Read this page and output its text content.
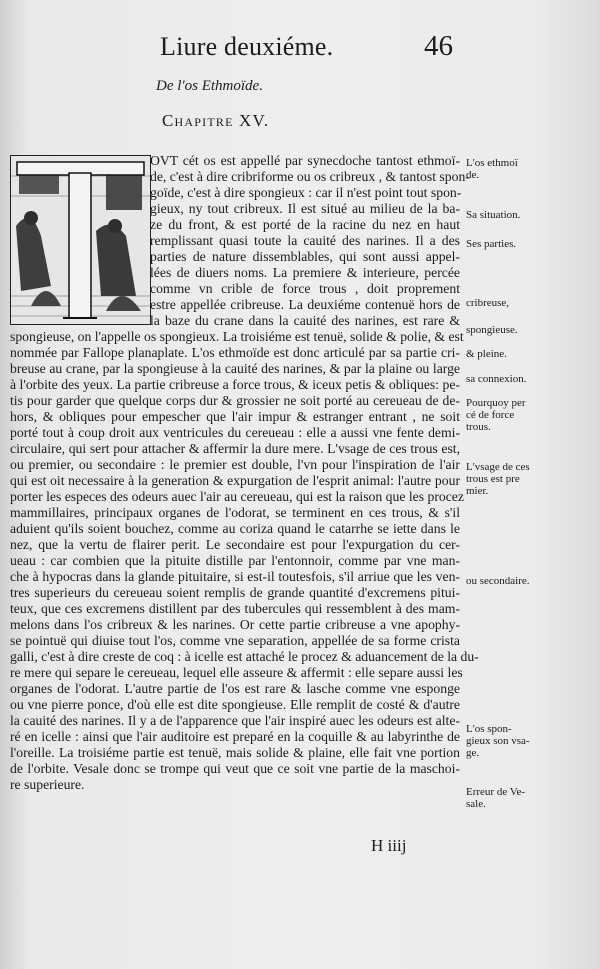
Liure deuxiéme.	46
De l'os Ethmoïde.
Chapitre XV.
OVT cét os est appellé par synecdoche tantost ethmoï-
de, c'est à dire cribriforme ou os cribreux , & tantost spon-
goïde, c'est à dire spongieux : car il n'est point tout spon-
gieux, ny tout cribreux. Il est situé au milieu de la ba-
ze du front, & est porté de la racine du nez en haut
remplissant quasi toute la cauité des narines. Il a des
parties de nature dissemblables, qui sont aussi appel-
lées de diuers noms. La premiere & interieure, percée
comme vn crible de force trous , doit proprement
estre appellée cribreuse. La deuxiéme contenuë hors de
la baze du crane dans la cauité des narines, est rare &
spongieuse, on l'appelle os spongieux. La troisiéme est tenuë, solide & polie, & est
nommée par Fallope planaplate. L'os ethmoïde est donc articulé par sa partie cri-
breuse au crane, par la spongieuse à la cauité des narines, & par la plaine ou large
à l'orbite des yeux. La partie cribreuse a force trous, & iceux petis & obliques: pe-
tis pour garder que quelque corps dur & grossier ne soit porté au cereueau de de-
hors, & obliques pour empescher que l'air impur & estranger entrant , ne soit
porté tout à coup droit aux ventricules du cereueau : elle a aussi vne fente demi-
circulaire, qui sert pour attacher & affermir la dure mere. L'vsage de ces trous est,
ou premier, ou secondaire : le premier est double, l'vn pour l'inspiration de l'air
qui est oit necessaire à la generation & expurgation de l'esprit animal: l'autre pour
porter les especes des odeurs auec l'air au cereueau, qui est la raison que les procez
mammillaires, principaux organes de l'odorat, se terminent en ces trous, & s'il
aduient qu'ils soient bouchez, comme au coriza quand le catarrhe se iette dans le
nez, que la vertu de flairer perit. Le secondaire est pour l'expurgation du cer-
ueau : car combien que la pituite distille par l'entonnoir, comme par vne man-
che à hypocras dans la glande pituitaire, si est-il toutesfois, s'il arriue que les ven-
tres superieurs du cereueau soient remplis de grande quantité d'excremens pitui-
teux, que ces excremens distillent par des tubercules qui ressemblent à des mam-
melons dans l'os cribreux & les narines. Or cette partie cribreuse a vne apophy-
se pointuë qui diuise tout l'os, comme vne separation, appellée de sa forme crista
galli, c'est à dire creste de coq : à icelle est attaché le procez & aduancement de la du-
re mere qui separe le cereueau, lequel elle asseure & affermit : elle separe aussi les
organes de l'odorat. L'autre partie de l'os est rare & lasche comme vne esponge
ou vne pierre ponce, d'où elle est dite spongieuse. Elle remplit de costé & d'autre
la cauité des narines. Il y a de l'apparence que l'air inspiré auec les odeurs est alte-
ré en icelle : ainsi que l'air auditoire est preparé en la coquille & au labyrinthe de
l'oreille. La troisiéme partie est tenuë, mais solide & plaine, elle fait vne portion
de l'orbite. Vesale donc se trompe qui veut que ce soit vne partie de la maschoi-
re superieure.
L'os ethmoï
de.
Sa situation.
Ses parties.
cribreuse,
spongieuse.
& pleine.
sa connexion.
Pourquoy per
cé de force
trous.
L'vsage de ces
trous est pre
mier.
ou secondaire.
L'os spon-
gieux son vsa-
ge.
Erreur de Ve-
sale.
H iiij
